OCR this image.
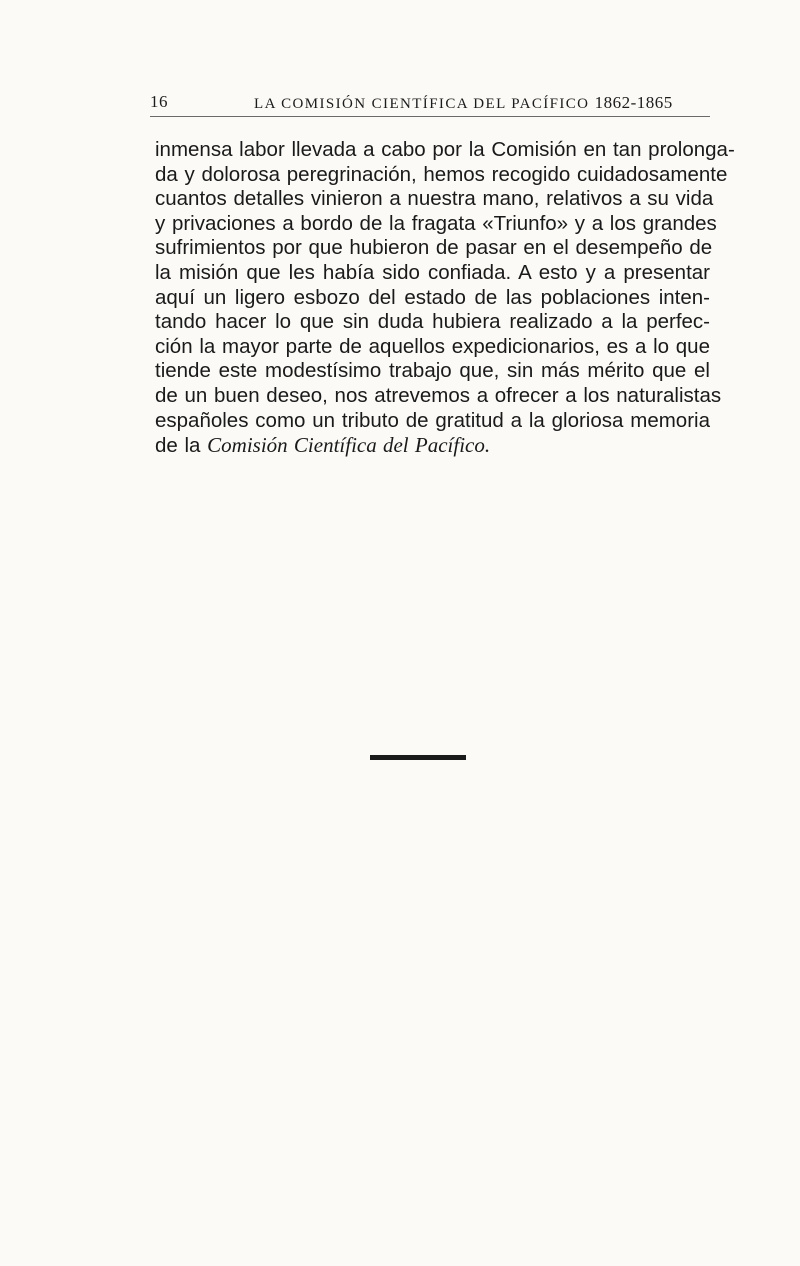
16	LA COMISIÓN CIENTÍFICA DEL PACÍFICO 1862-1865

inmensa labor llevada a cabo por la Comisión en tan prolonga-
da y dolorosa peregrinación, hemos recogido cuidadosamente
cuantos detalles vinieron a nuestra mano, relativos a su vida
y privaciones a bordo de la fragata «Triunfo» y a los grandes
sufrimientos por que hubieron de pasar en el desempeño de
la misión que les había sido confiada. A esto y a presentar
aquí un ligero esbozo del estado de las poblaciones inten-
tando hacer lo que sin duda hubiera realizado a la perfec-
ción la mayor parte de aquellos expedicionarios, es a lo que
tiende este modestísimo trabajo que, sin más mérito que el
de un buen deseo, nos atrevemos a ofrecer a los naturalistas
españoles como un tributo de gratitud a la gloriosa memoria
de la Comisión Científica del Pacífico.
